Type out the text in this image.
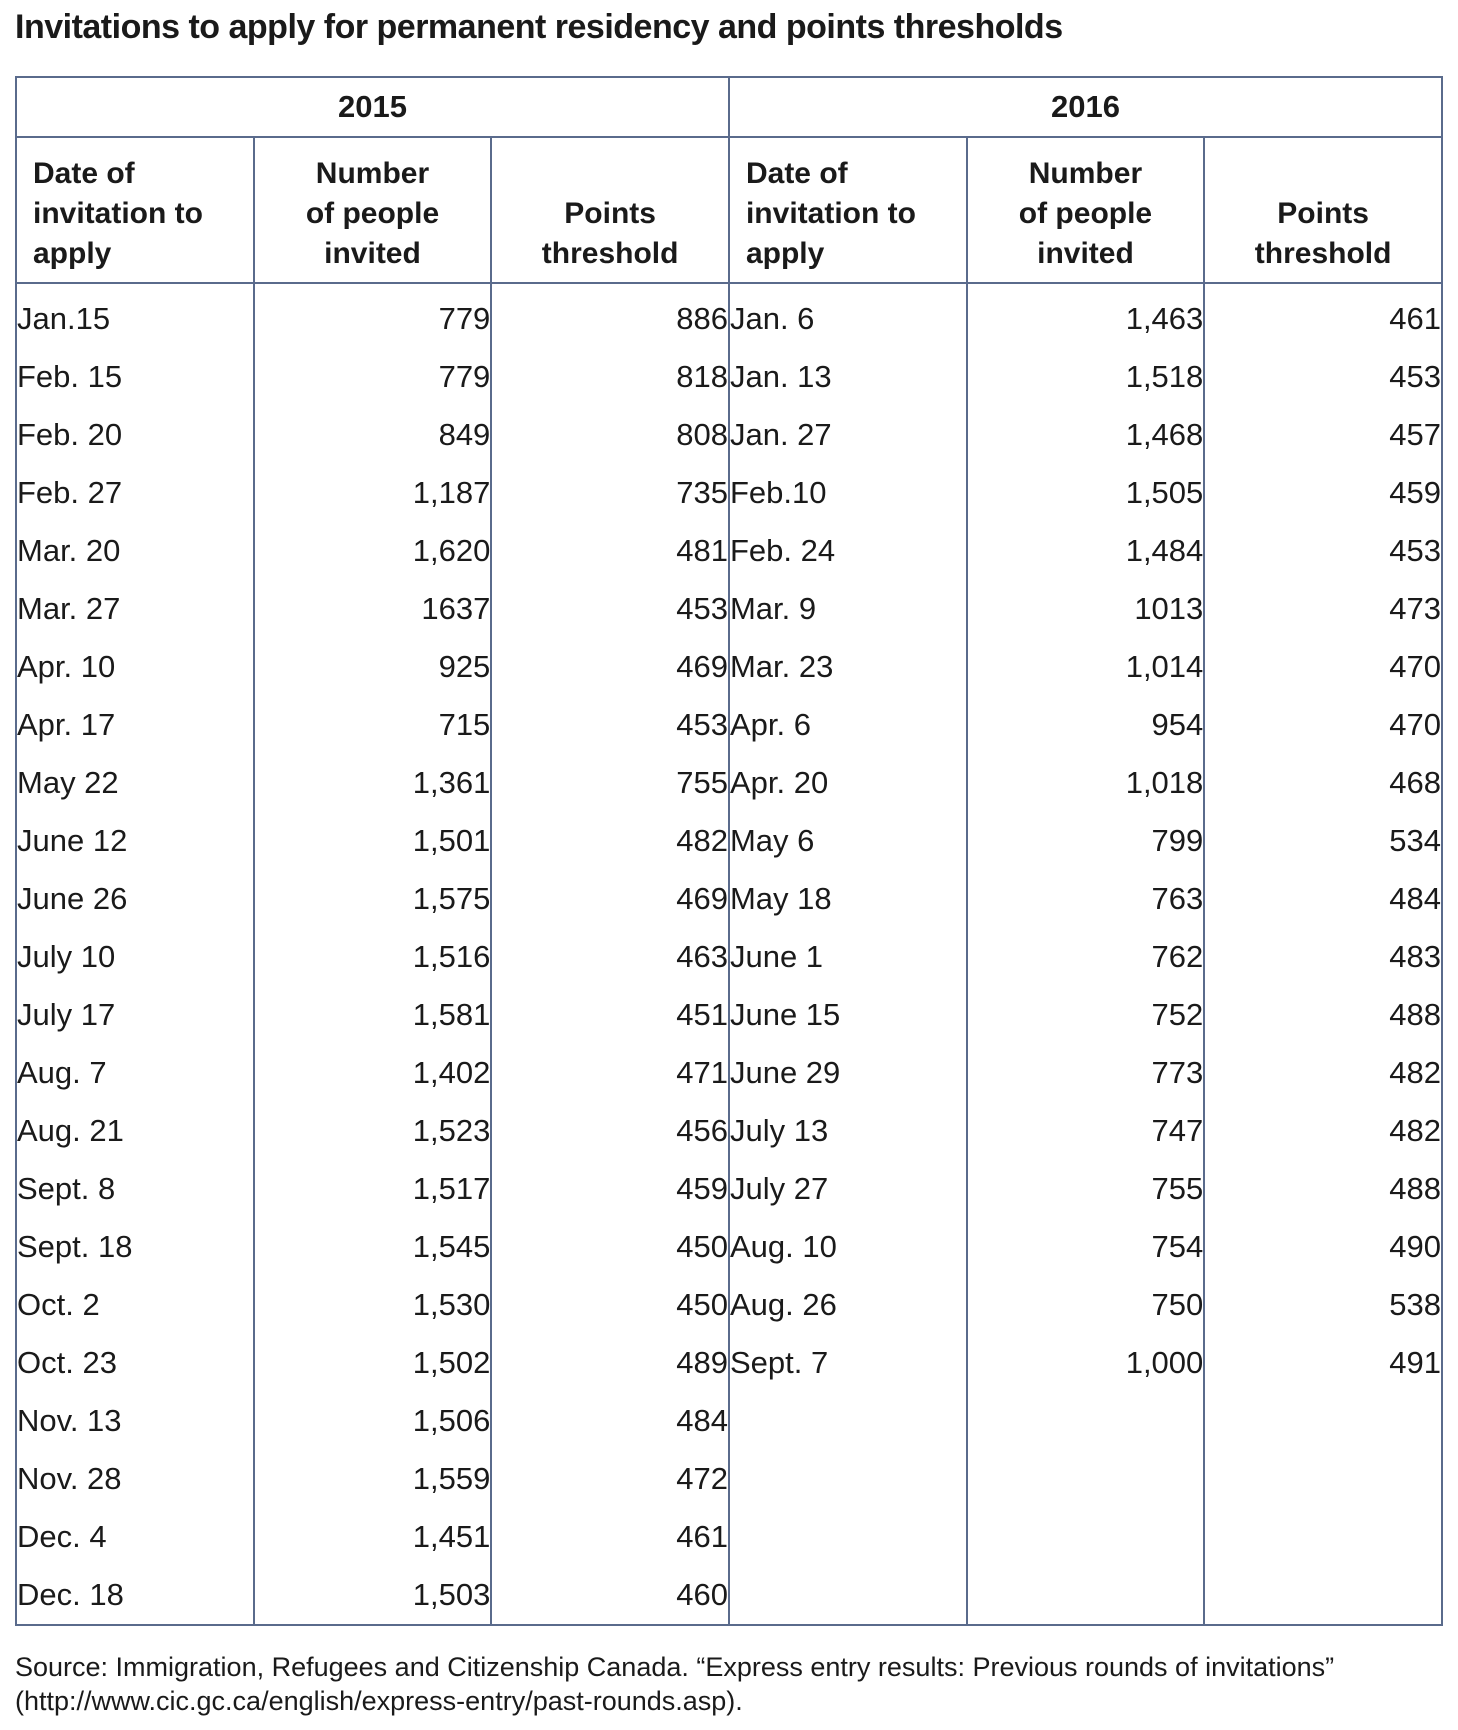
Invitations to apply for permanent residency and points thresholds
2015			2016		
Date of
invitation to
apply	Number
of people
invited	Points
threshold	Date of
invitation to
apply	Number
of people
invited	Points
threshold
Jan.15	779	886	Jan. 6	1,463	461
Feb. 15	779	818	Jan. 13	1,518	453
Feb. 20	849	808	Jan. 27	1,468	457
Feb. 27	1,187	735	Feb.10	1,505	459
Mar. 20	1,620	481	Feb. 24	1,484	453
Mar. 27	1637	453	Mar. 9	1013	473
Apr. 10	925	469	Mar. 23	1,014	470
Apr. 17	715	453	Apr. 6	954	470
May 22	1,361	755	Apr. 20	1,018	468
June 12	1,501	482	May 6	799	534
June 26	1,575	469	May 18	763	484
July 10	1,516	463	June 1	762	483
July 17	1,581	451	June 15	752	488
Aug. 7	1,402	471	June 29	773	482
Aug. 21	1,523	456	July 13	747	482
Sept. 8	1,517	459	July 27	755	488
Sept. 18	1,545	450	Aug. 10	754	490
Oct. 2	1,530	450	Aug. 26	750	538
Oct. 23	1,502	489	Sept. 7	1,000	491
Nov. 13	1,506	484			
Nov. 28	1,559	472			
Dec. 4	1,451	461			
Dec. 18	1,503	460			

Source: Immigration, Refugees and Citizenship Canada. “Express entry results: Previous rounds of invitations”
(http://www.cic.gc.ca/english/express-entry/past-rounds.asp).
